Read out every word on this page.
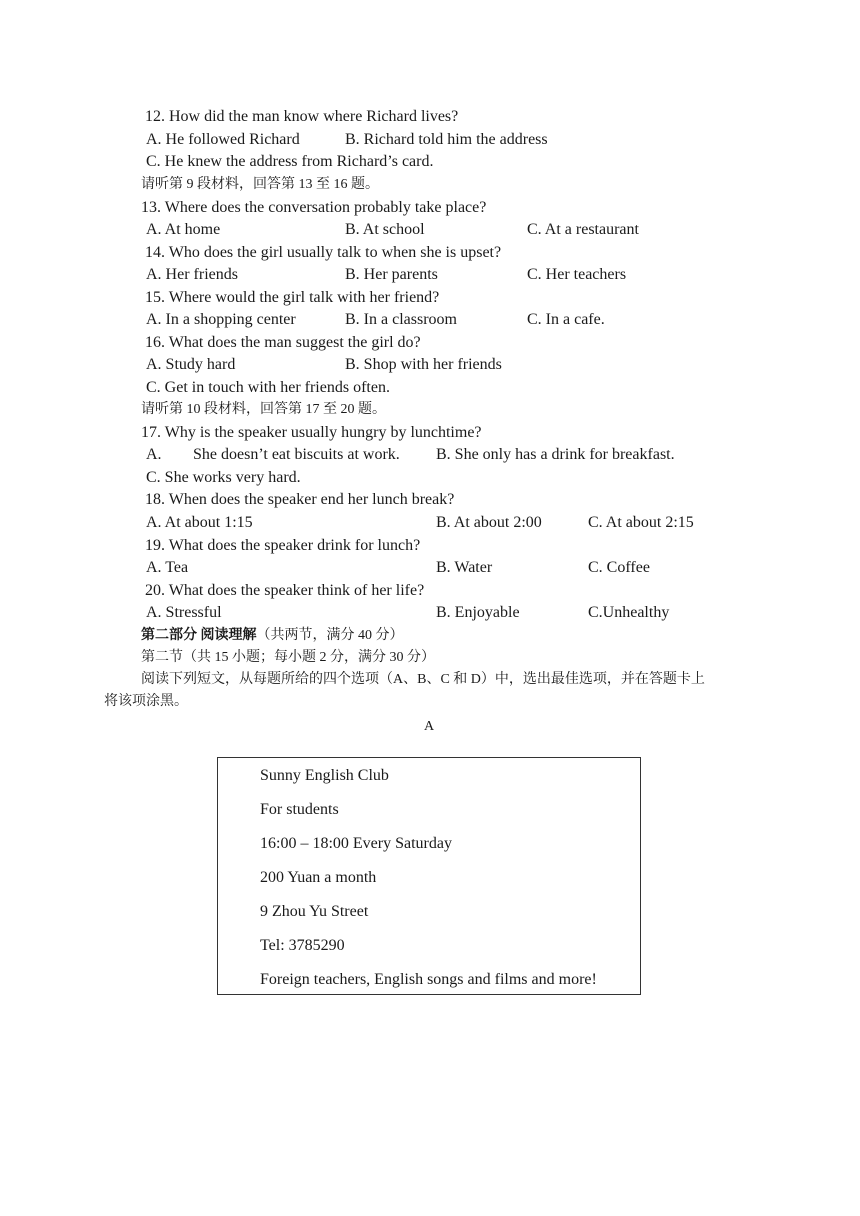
12. How did the man know where Richard lives?
A. He followed Richard	B. Richard told him the address
C. He knew the address from Richard’s card.
请听第 9 段材料，回答第 13 至 16 题。
13. Where does the conversation probably take place?
A. At home	B. At school	C. At a restaurant
14. Who does the girl usually talk to when she is upset?
A. Her friends	B. Her parents	C. Her teachers
15. Where would the girl talk with her friend?
A. In a shopping center	B. In a classroom	C. In a cafe.
16. What does the man suggest the girl do?
A. Study hard	B. Shop with her friends
C. Get in touch with her friends often.
请听第 10 段材料，回答第 17 至 20 题。
17. Why is the speaker usually hungry by lunchtime?
A. She doesn’t eat biscuits at work. B. She only has a drink for breakfast.
C. She works very hard.
18. When does the speaker end her lunch break?
A. At about 1:15	B. At about 2:00	C. At about 2:15
19. What does the speaker drink for lunch?
A. Tea	B. Water	C. Coffee
20. What does the speaker think of her life?
A. Stressful	B. Enjoyable	C.Unhealthy
第二部分 阅读理解（共两节，满分 40 分）
第二节（共 15 小题；每小题 2 分，满分 30 分）
阅读下列短文，从每题所给的四个选项（A、B、C 和 D）中，选出最佳选项，并在答题卡上
将该项涂黑。
A
Sunny English Club
For students
16:00 – 18:00 Every Saturday
200 Yuan a month
9 Zhou Yu Street
Tel: 3785290
Foreign teachers, English songs and films and more!
